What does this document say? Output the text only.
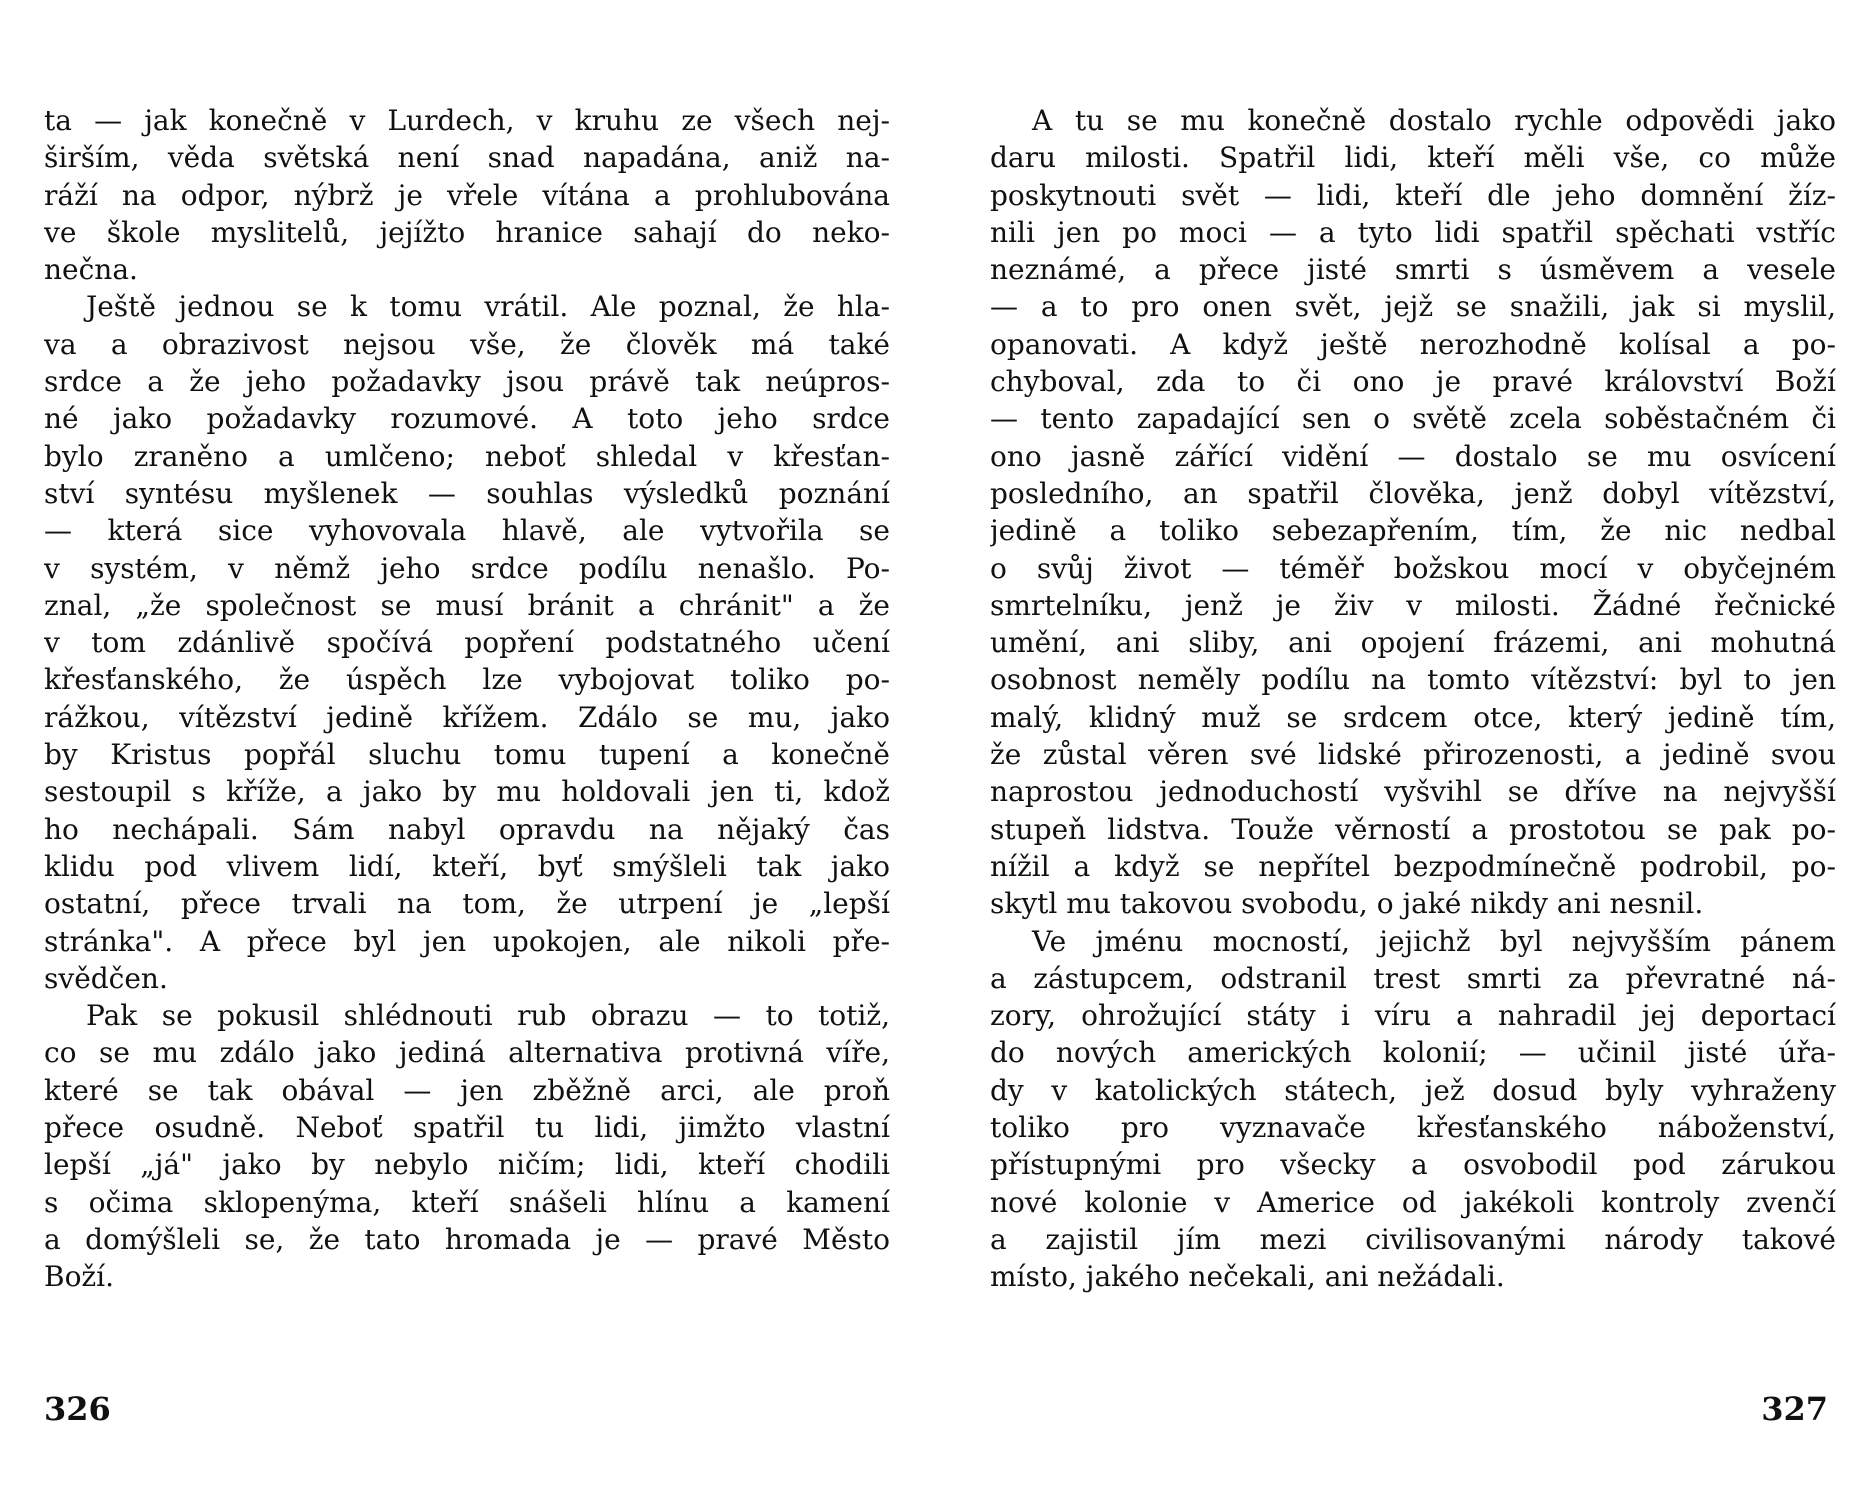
ta — jak konečně v Lurdech, v kruhu ze všech nej-
širším, věda světská není snad napadána, aniž na-
ráží na odpor, nýbrž je vřele vítána a prohlubována
ve škole myslitelů, jejížto hranice sahají do neko-
nečna.
Ještě jednou se k tomu vrátil. Ale poznal, že hla-
va a obrazivost nejsou vše, že člověk má také
srdce a že jeho požadavky jsou právě tak neúpros-
né jako požadavky rozumové. A toto jeho srdce
bylo zraněno a umlčeno; neboť shledal v křesťan-
ství syntésu myšlenek — souhlas výsledků poznání
— která sice vyhovovala hlavě, ale vytvořila se
v systém, v němž jeho srdce podílu nenašlo. Po-
znal, „že společnost se musí bránit a chránit" a že
v tom zdánlivě spočívá popření podstatného učení
křesťanského, že úspěch lze vybojovat toliko po-
rážkou, vítězství jedině křížem. Zdálo se mu, jako
by Kristus popřál sluchu tomu tupení a konečně
sestoupil s kříže, a jako by mu holdovali jen ti, kdož
ho nechápali. Sám nabyl opravdu na nějaký čas
klidu pod vlivem lidí, kteří, byť smýšleli tak jako
ostatní, přece trvali na tom, že utrpení je „lepší
stránka". A přece byl jen upokojen, ale nikoli pře-
svědčen.
Pak se pokusil shlédnouti rub obrazu — to totiž,
co se mu zdálo jako jediná alternativa protivná víře,
které se tak obával — jen zběžně arci, ale proň
přece osudně. Neboť spatřil tu lidi, jimžto vlastní
lepší „já" jako by nebylo ničím; lidi, kteří chodili
s očima sklopenýma, kteří snášeli hlínu a kamení
a domýšleli se, že tato hromada je — pravé Město
Boží.
326
A tu se mu konečně dostalo rychle odpovědi jako
daru milosti. Spatřil lidi, kteří měli vše, co může
poskytnouti svět — lidi, kteří dle jeho domnění žíz-
nili jen po moci — a tyto lidi spatřil spěchati vstříc
neznámé, a přece jisté smrti s úsměvem a vesele
— a to pro onen svět, jejž se snažili, jak si myslil,
opanovati. A když ještě nerozhodně kolísal a po-
chyboval, zda to či ono je pravé království Boží
— tento zapadající sen o světě zcela soběstačném či
ono jasně zářící vidění — dostalo se mu osvícení
posledního, an spatřil člověka, jenž dobyl vítězství,
jedině a toliko sebezapřením, tím, že nic nedbal
o svůj život — téměř božskou mocí v obyčejném
smrtelníku, jenž je živ v milosti. Žádné řečnické
umění, ani sliby, ani opojení frázemi, ani mohutná
osobnost neměly podílu na tomto vítězství: byl to jen
malý, klidný muž se srdcem otce, který jedině tím,
že zůstal věren své lidské přirozenosti, a jedině svou
naprostou jednoduchostí vyšvihl se dříve na nejvyšší
stupeň lidstva. Touže věrností a prostotou se pak po-
nížil a když se nepřítel bezpodmínečně podrobil, po-
skytl mu takovou svobodu, o jaké nikdy ani nesnil.
Ve jménu mocností, jejichž byl nejvyšším pánem
a zástupcem, odstranil trest smrti za převratné ná-
zory, ohrožující státy i víru a nahradil jej deportací
do nových amerických kolonií; — učinil jisté úřa-
dy v katolických státech, jež dosud byly vyhraženy
toliko pro vyznavače křesťanského náboženství,
přístupnými pro všecky a osvobodil pod zárukou
nové kolonie v Americe od jakékoli kontroly zvenčí
a zajistil jím mezi civilisovanými národy takové
místo, jakého nečekali, ani nežádali.
327
